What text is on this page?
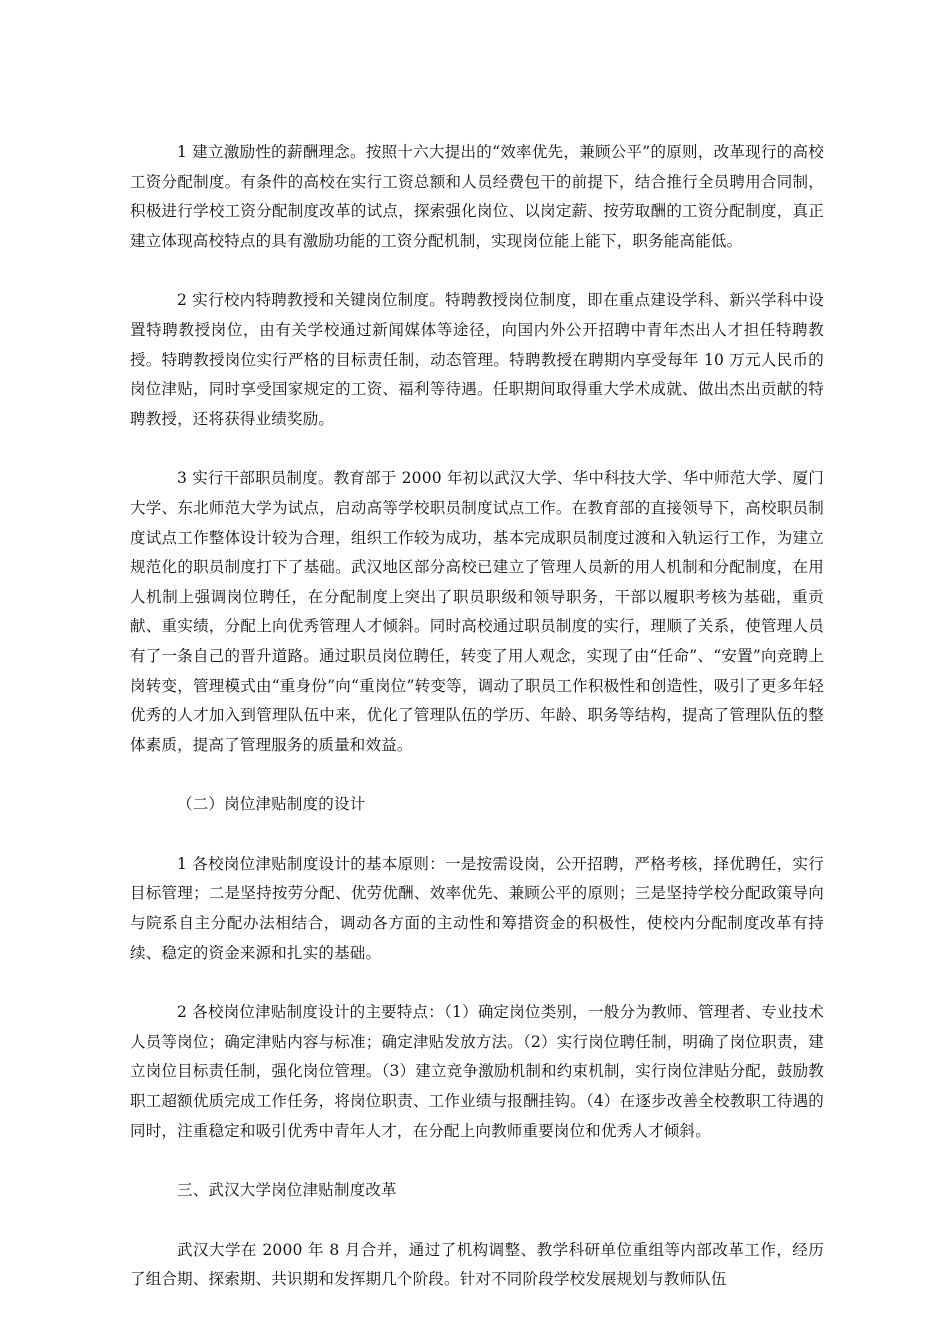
1 建立激励性的薪酬理念。按照十六大提出的“效率优先，兼顾公平”的原则，改革现行的高校工资分配制度。有条件的高校在实行工资总额和人员经费包干的前提下，结合推行全员聘用合同制，积极进行学校工资分配制度改革的试点，探索强化岗位、以岗定薪、按劳取酬的工资分配制度，真正建立体现高校特点的具有激励功能的工资分配机制，实现岗位能上能下，职务能高能低。

2 实行校内特聘教授和关键岗位制度。特聘教授岗位制度，即在重点建设学科、新兴学科中设置特聘教授岗位，由有关学校通过新闻媒体等途径，向国内外公开招聘中青年杰出人才担任特聘教授。特聘教授岗位实行严格的目标责任制，动态管理。特聘教授在聘期内享受每年 10 万元人民币的岗位津贴，同时享受国家规定的工资、福利等待遇。任职期间取得重大学术成就、做出杰出贡献的特聘教授，还将获得业绩奖励。

3 实行干部职员制度。教育部于 2000 年初以武汉大学、华中科技大学、华中师范大学、厦门大学、东北师范大学为试点，启动高等学校职员制度试点工作。在教育部的直接领导下，高校职员制度试点工作整体设计较为合理，组织工作较为成功，基本完成职员制度过渡和入轨运行工作，为建立规范化的职员制度打下了基础。武汉地区部分高校已建立了管理人员新的用人机制和分配制度，在用人机制上强调岗位聘任，在分配制度上突出了职员职级和领导职务，干部以履职考核为基础，重贡献、重实绩，分配上向优秀管理人才倾斜。同时高校通过职员制度的实行，理顺了关系，使管理人员有了一条自己的晋升道路。通过职员岗位聘任，转变了用人观念，实现了由“任命”、“安置”向竞聘上岗转变，管理模式由“重身份”向“重岗位”转变等，调动了职员工作积极性和创造性，吸引了更多年轻优秀的人才加入到管理队伍中来，优化了管理队伍的学历、年龄、职务等结构，提高了管理队伍的整体素质，提高了管理服务的质量和效益。

（二）岗位津贴制度的设计

1 各校岗位津贴制度设计的基本原则：一是按需设岗，公开招聘，严格考核，择优聘任，实行目标管理；二是坚持按劳分配、优劳优酬、效率优先、兼顾公平的原则；三是坚持学校分配政策导向与院系自主分配办法相结合，调动各方面的主动性和筹措资金的积极性，使校内分配制度改革有持续、稳定的资金来源和扎实的基础。

2 各校岗位津贴制度设计的主要特点：（1）确定岗位类别，一般分为教师、管理者、专业技术人员等岗位；确定津贴内容与标准；确定津贴发放方法。（2）实行岗位聘任制，明确了岗位职责，建立岗位目标责任制，强化岗位管理。（3）建立竞争激励机制和约束机制，实行岗位津贴分配，鼓励教职工超额优质完成工作任务，将岗位职责、工作业绩与报酬挂钩。（4）在逐步改善全校教职工待遇的同时，注重稳定和吸引优秀中青年人才，在分配上向教师重要岗位和优秀人才倾斜。

三、武汉大学岗位津贴制度改革

武汉大学在 2000 年 8 月合并，通过了机构调整、教学科研单位重组等内部改革工作，经历了组合期、探索期、共识期和发挥期几个阶段。针对不同阶段学校发展规划与教师队伍
